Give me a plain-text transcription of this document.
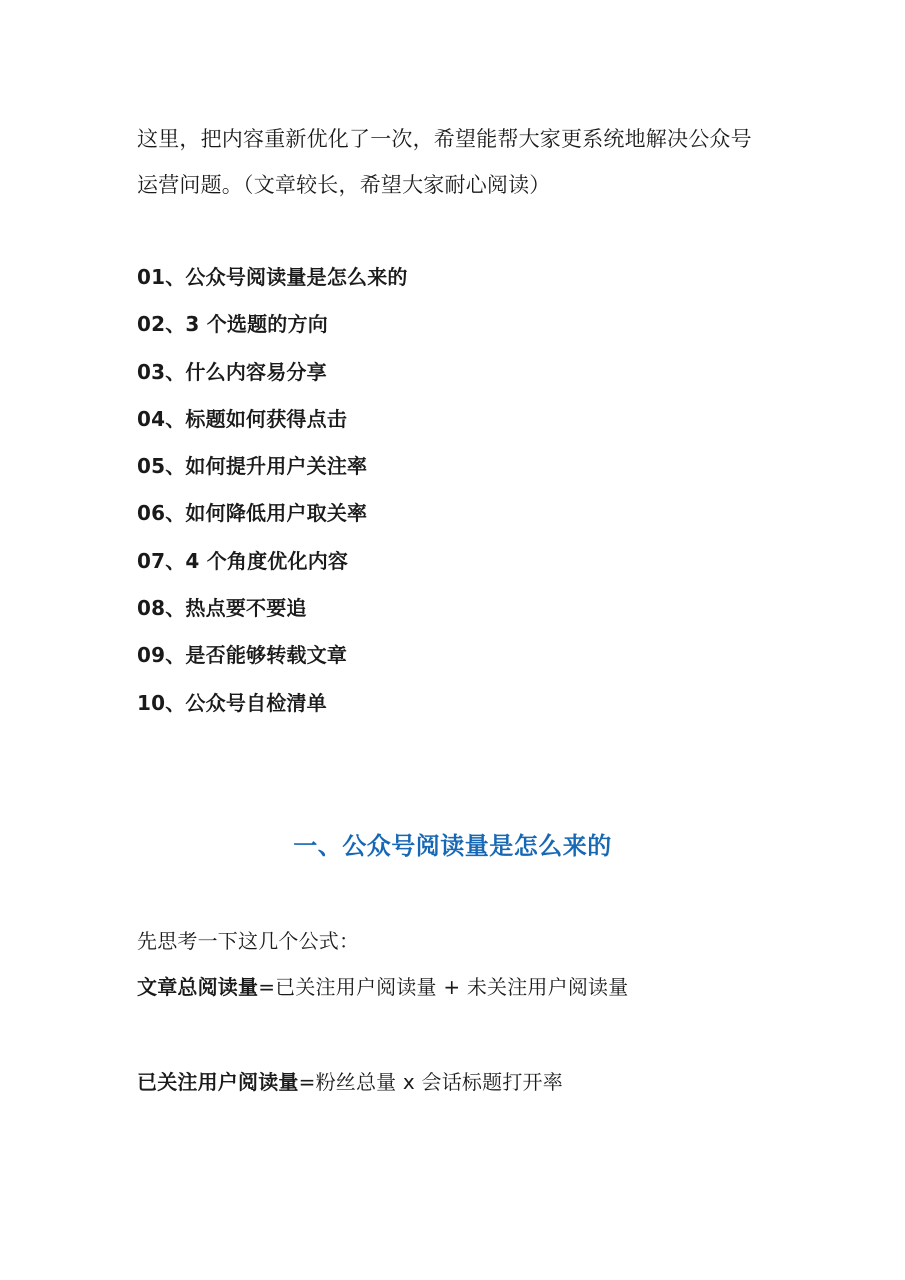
这里，把内容重新优化了一次，希望能帮大家更系统地解决公众号
运营问题。（文章较长，希望大家耐心阅读）

01、公众号阅读量是怎么来的
02、3 个选题的方向
03、什么内容易分享
04、标题如何获得点击
05、如何提升用户关注率
06、如何降低用户取关率
07、4 个角度优化内容
08、热点要不要追
09、是否能够转载文章
10、公众号自检清单
一、公众号阅读量是怎么来的

先思考一下这几个公式：

文章总阅读量=已关注用户阅读量 + 未关注用户阅读量

已关注用户阅读量=粉丝总量 x 会话标题打开率
